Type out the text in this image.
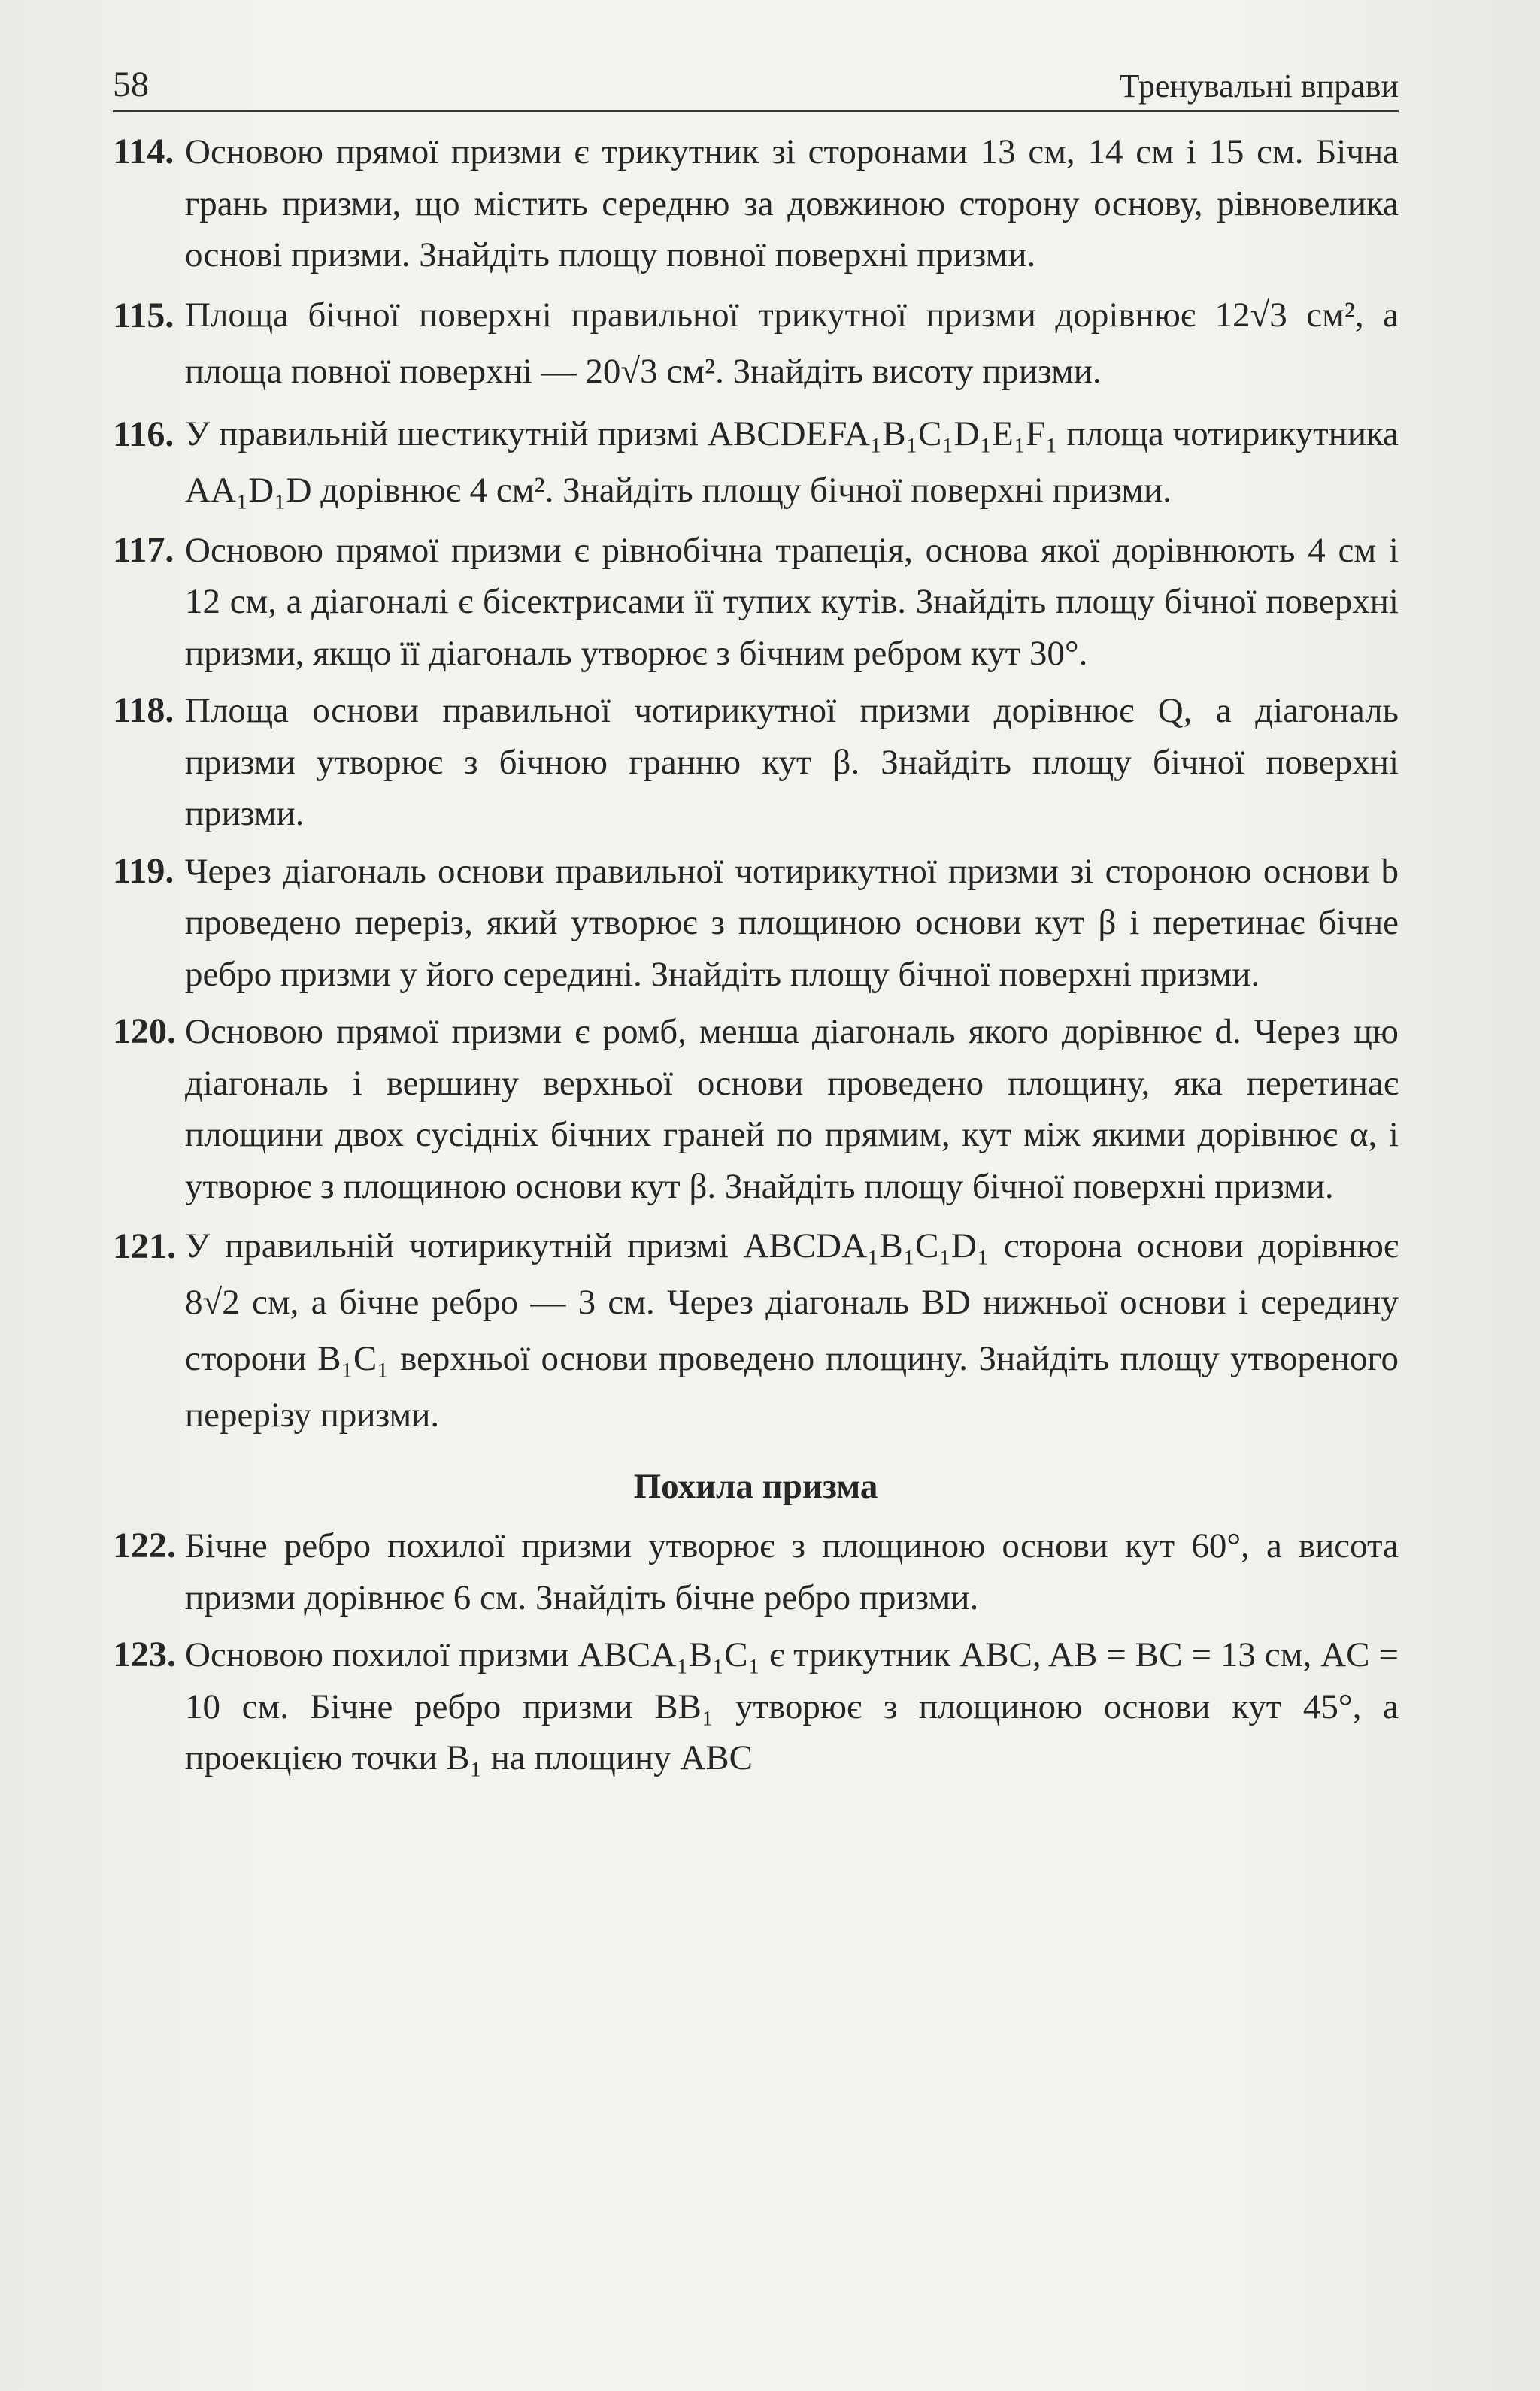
58	Тренувальні вправи
114. Основою прямої призми є трикутник зі сторонами 13 см, 14 см і 15 см. Бічна грань призми, що містить середню за довжиною сторону основу, рівновелика основі призми. Знайдіть площу повної поверхні призми.
115. Площа бічної поверхні правильної трикутної призми дорівнює 12√3 см², а площа повної поверхні — 20√3 см². Знайдіть висоту призми.
116. У правильній шестикутній призмі ABCDEFA₁B₁C₁D₁E₁F₁ площа чотирикутника AA₁D₁D дорівнює 4 см². Знайдіть площу бічної поверхні призми.
117. Основою прямої призми є рівнобічна трапеція, основа якої дорівнюють 4 см і 12 см, а діагоналі є бісектрисами її тупих кутів. Знайдіть площу бічної поверхні призми, якщо її діагональ утворює з бічним ребром кут 30°.
118. Площа основи правильної чотирикутної призми дорівнює Q, а діагональ призми утворює з бічною гранню кут β. Знайдіть площу бічної поверхні призми.
119. Через діагональ основи правильної чотирикутної призми зі стороною основи b проведено переріз, який утворює з площиною основи кут β і перетинає бічне ребро призми у його середині. Знайдіть площу бічної поверхні призми.
120. Основою прямої призми є ромб, менша діагональ якого дорівнює d. Через цю діагональ і вершину верхньої основи проведено площину, яка перетинає площини двох сусідніх бічних граней по прямим, кут між якими дорівнює α, і утворює з площиною основи кут β. Знайдіть площу бічної поверхні призми.
121. У правильній чотирикутній призмі ABCDA₁B₁C₁D₁ сторона основи дорівнює 8√2 см, а бічне ребро — 3 см. Через діагональ BD нижньої основи і середину сторони B₁C₁ верхньої основи проведено площину. Знайдіть площу утвореного перерізу призми.
Похила призма
122. Бічне ребро похилої призми утворює з площиною основи кут 60°, а висота призми дорівнює 6 см. Знайдіть бічне ребро призми.
123. Основою похилої призми ABCA₁B₁C₁ є трикутник ABC, AB = BC = 13 см, AC = 10 см. Бічне ребро призми BB₁ утворює з площиною основи кут 45°, а проекцією точки B₁ на площину ABC
